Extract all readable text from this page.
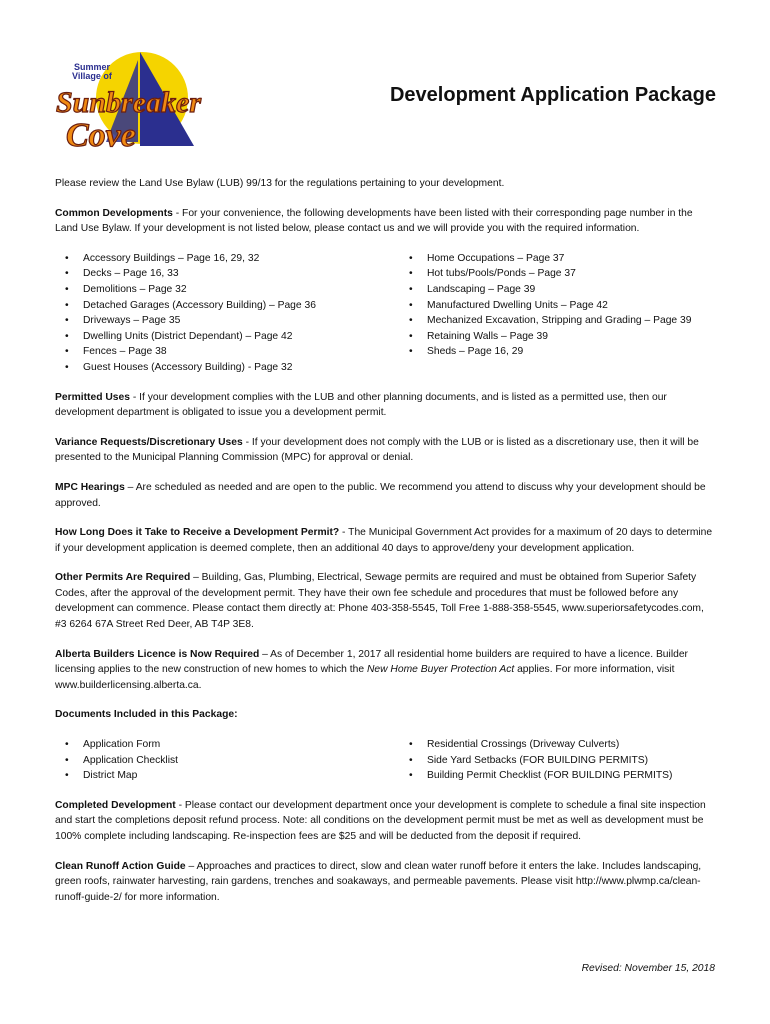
Summer
Village of
Sunbreaker
Cove
Development Application Package

Please review the Land Use Bylaw (LUB) 99/13 for the regulations pertaining to your development.

Common Developments - For your convenience, the following developments have been listed with their corresponding page number in the Land Use Bylaw. If your development is not listed below, please contact us and we will provide you with the required information.

• Accessory Buildings – Page 16, 29, 32
• Decks – Page 16, 33
• Demolitions – Page 32
• Detached Garages (Accessory Building) – Page 36
• Driveways – Page 35
• Dwelling Units (District Dependant) – Page 42
• Fences – Page 38
• Guest Houses (Accessory Building) - Page 32
• Home Occupations – Page 37
• Hot tubs/Pools/Ponds – Page 37
• Landscaping – Page 39
• Manufactured Dwelling Units – Page 42
• Mechanized Excavation, Stripping and Grading – Page 39
• Retaining Walls – Page 39
• Sheds – Page 16, 29

Permitted Uses - If your development complies with the LUB and other planning documents, and is listed as a permitted use, then our development department is obligated to issue you a development permit.

Variance Requests/Discretionary Uses - If your development does not comply with the LUB or is listed as a discretionary use, then it will be presented to the Municipal Planning Commission (MPC) for approval or denial.

MPC Hearings – Are scheduled as needed and are open to the public. We recommend you attend to discuss why your development should be approved.

How Long Does it Take to Receive a Development Permit? - The Municipal Government Act provides for a maximum of 20 days to determine if your development application is deemed complete, then an additional 40 days to approve/deny your development application.

Other Permits Are Required – Building, Gas, Plumbing, Electrical, Sewage permits are required and must be obtained from Superior Safety Codes, after the approval of the development permit. They have their own fee schedule and procedures that must be followed before any development can commence. Please contact them directly at: Phone 403-358-5545, Toll Free 1-888-358-5545, www.superiorsafetycodes.com, #3 6264 67A Street Red Deer, AB T4P 3E8.

Alberta Builders Licence is Now Required – As of December 1, 2017 all residential home builders are required to have a licence. Builder licensing applies to the new construction of new homes to which the New Home Buyer Protection Act applies. For more information, visit www.builderlicensing.alberta.ca.

Documents Included in this Package:

• Application Form
• Application Checklist
• District Map
• Residential Crossings (Driveway Culverts)
• Side Yard Setbacks (FOR BUILDING PERMITS)
• Building Permit Checklist (FOR BUILDING PERMITS)

Completed Development - Please contact our development department once your development is complete to schedule a final site inspection and start the completions deposit refund process. Note: all conditions on the development permit must be met as well as development must be 100% complete including landscaping. Re-inspection fees are $25 and will be deducted from the deposit if required.

Clean Runoff Action Guide – Approaches and practices to direct, slow and clean water runoff before it enters the lake. Includes landscaping, green roofs, rainwater harvesting, rain gardens, trenches and soakaways, and permeable pavements. Please visit http://www.plwmp.ca/clean-runoff-guide-2/ for more information.

Revised: November 15, 2018
